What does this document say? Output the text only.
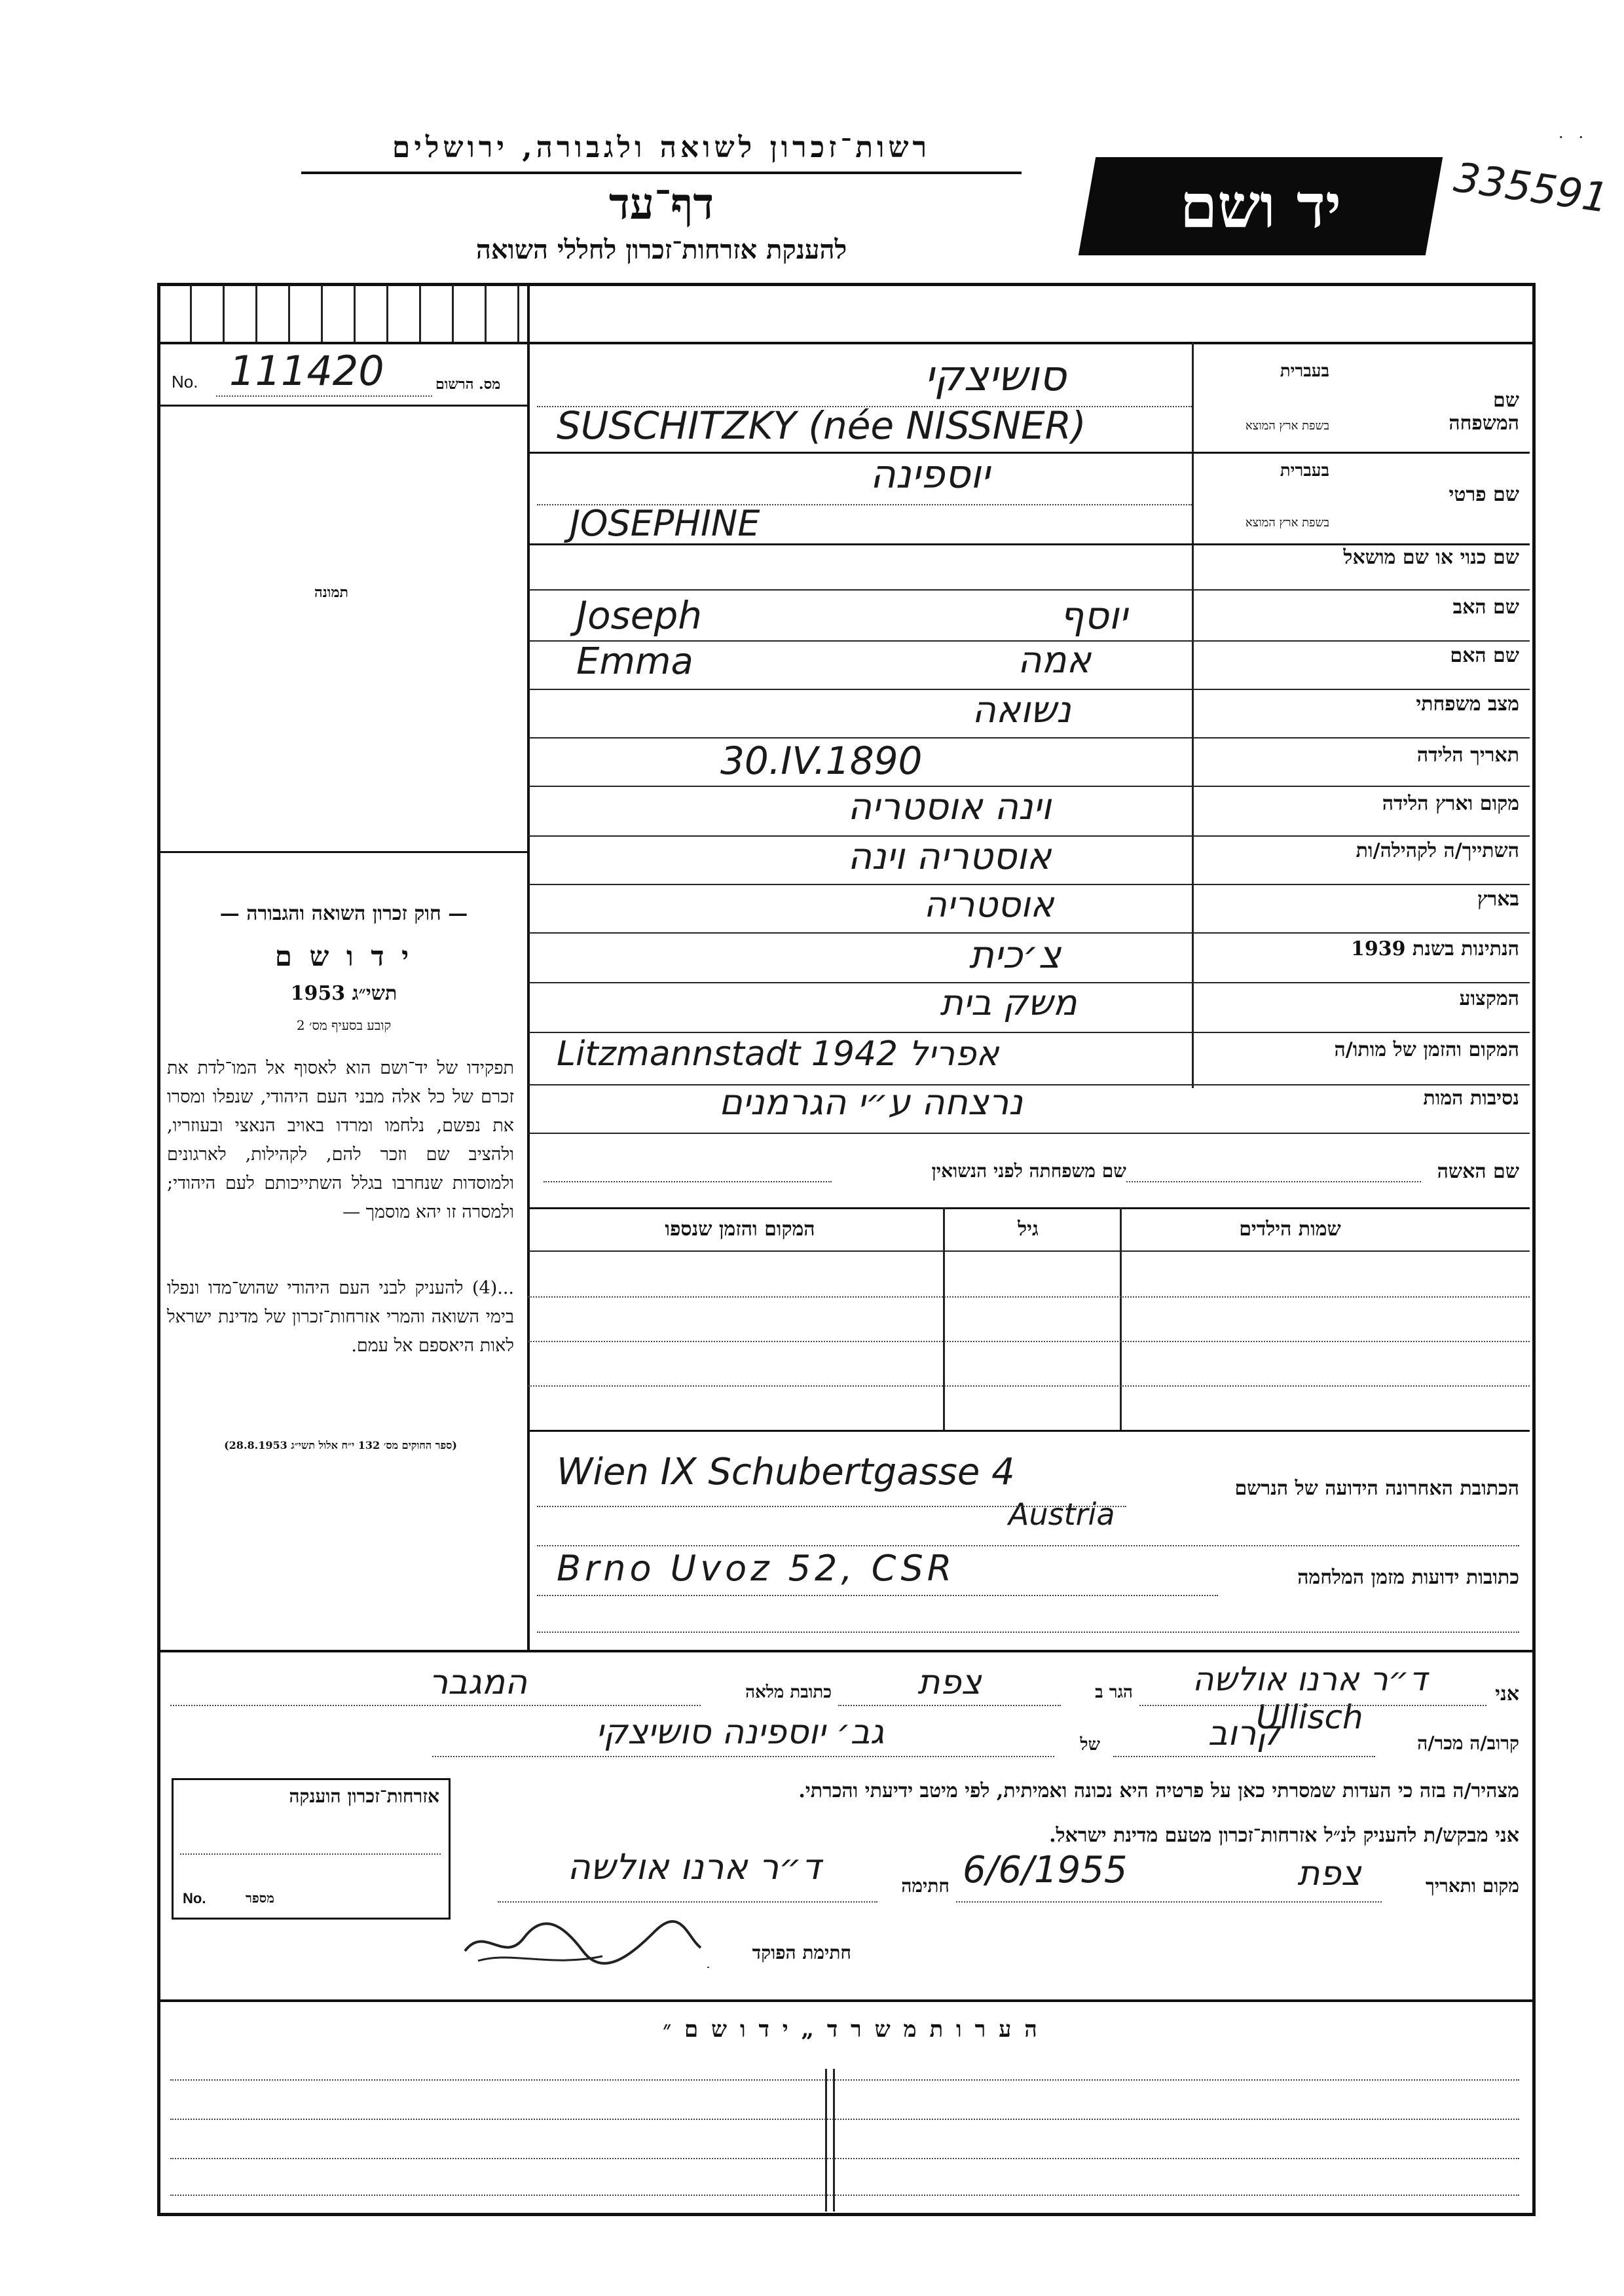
רשות־זכרון לשואה ולגבורה, ירושלים
דף־עד
להענקת אזרחות־זכרון לחללי השואה
יד ושם	335591
·   ·
No. 111420	מס. הרשום
תמונה
— חוק זכרון השואה והגבורה —
י ד ו ש ם
תשי״ג 1953
קובע בסעיף מס׳ 2
תפקידו של יד־ושם הוא לאסוף אל המו־לדת את זכרם של כל אלה מבני העם היהודי, שנפלו ומסרו את נפשם, נלחמו ומרדו באויב הנאצי ובעוזריו, ולהציב שם וזכר להם, לקהילות, לארגונים ולמוסדות שנחרבו בגלל השתייכותם לעם היהודי; ולמסרה זו יהא מוסמך —
...(4) להעניק לבני העם היהודי שהוש־מדו ונפלו בימי השואה והמרי אזרחות־זכרון של מדינת ישראל לאות היאספם אל עמם.
(ספר החוקים מס׳ 132 י״ח אלול תשי״ג 28.8.1953)
שם המשפחה
בעברית
בשפת ארץ המוצא
סושיצקי
SUSCHITZKY (née NISSNER)
שם פרטי
בעברית
בשפת ארץ המוצא
יוספינה
JOSEPHINE
שם כנוי או שם מושאל
שם האב
Joseph	יוסף
שם האם
Emma	אמה
מצב משפחתי
נשואה
תאריך הלידה
30.IV.1890
מקום וארץ הלידה
וינה אוסטריה
השתייך/ה לקהילה/ות
אוסטריה וינה
בארץ
אוסטריה
הנתינות בשנת 1939
צ׳כית
המקצוע
משק בית
המקום והזמן של מותו/ה
Litzmannstadt 1942 אפריל
נסיבות המות
נרצחה ע״י הגרמנים
שם האשה
שם משפחתה לפני הנשואין
שמות הילדים
גיל
המקום והזמן שנספו
Wien IX Schubertgasse 4
Austria
הכתובת האחרונה הידועה של הנרשם
Brno Uvoz 52, CSR	כתובות ידועות מזמן המלחמה
אני
ד״ר ארנו אולשה Ullisch
הגר ב
צפת
כתובת מלאה
המגבר
קרוב/ה מכר/ה
קרוב
של
גב׳ יוספינה סושיצקי
מצהיר/ה בזה כי העדות שמסרתי כאן על פרטיה היא נכונה ואמיתית, לפי מיטב ידיעתי והכרתי.
אני מבקש/ת להעניק לנ״ל אזרחות־זכרון מטעם מדינת ישראל.
מקום ותאריך
צפת
6/6/1955
חתימה
ד״ר ארנו אולשה
חתימת הפוקד
אזרחות־זכרון הוענקה
No.	מספר
ה ע ר ו ת מ ש ר ד „ י ד ו ש ם ״
